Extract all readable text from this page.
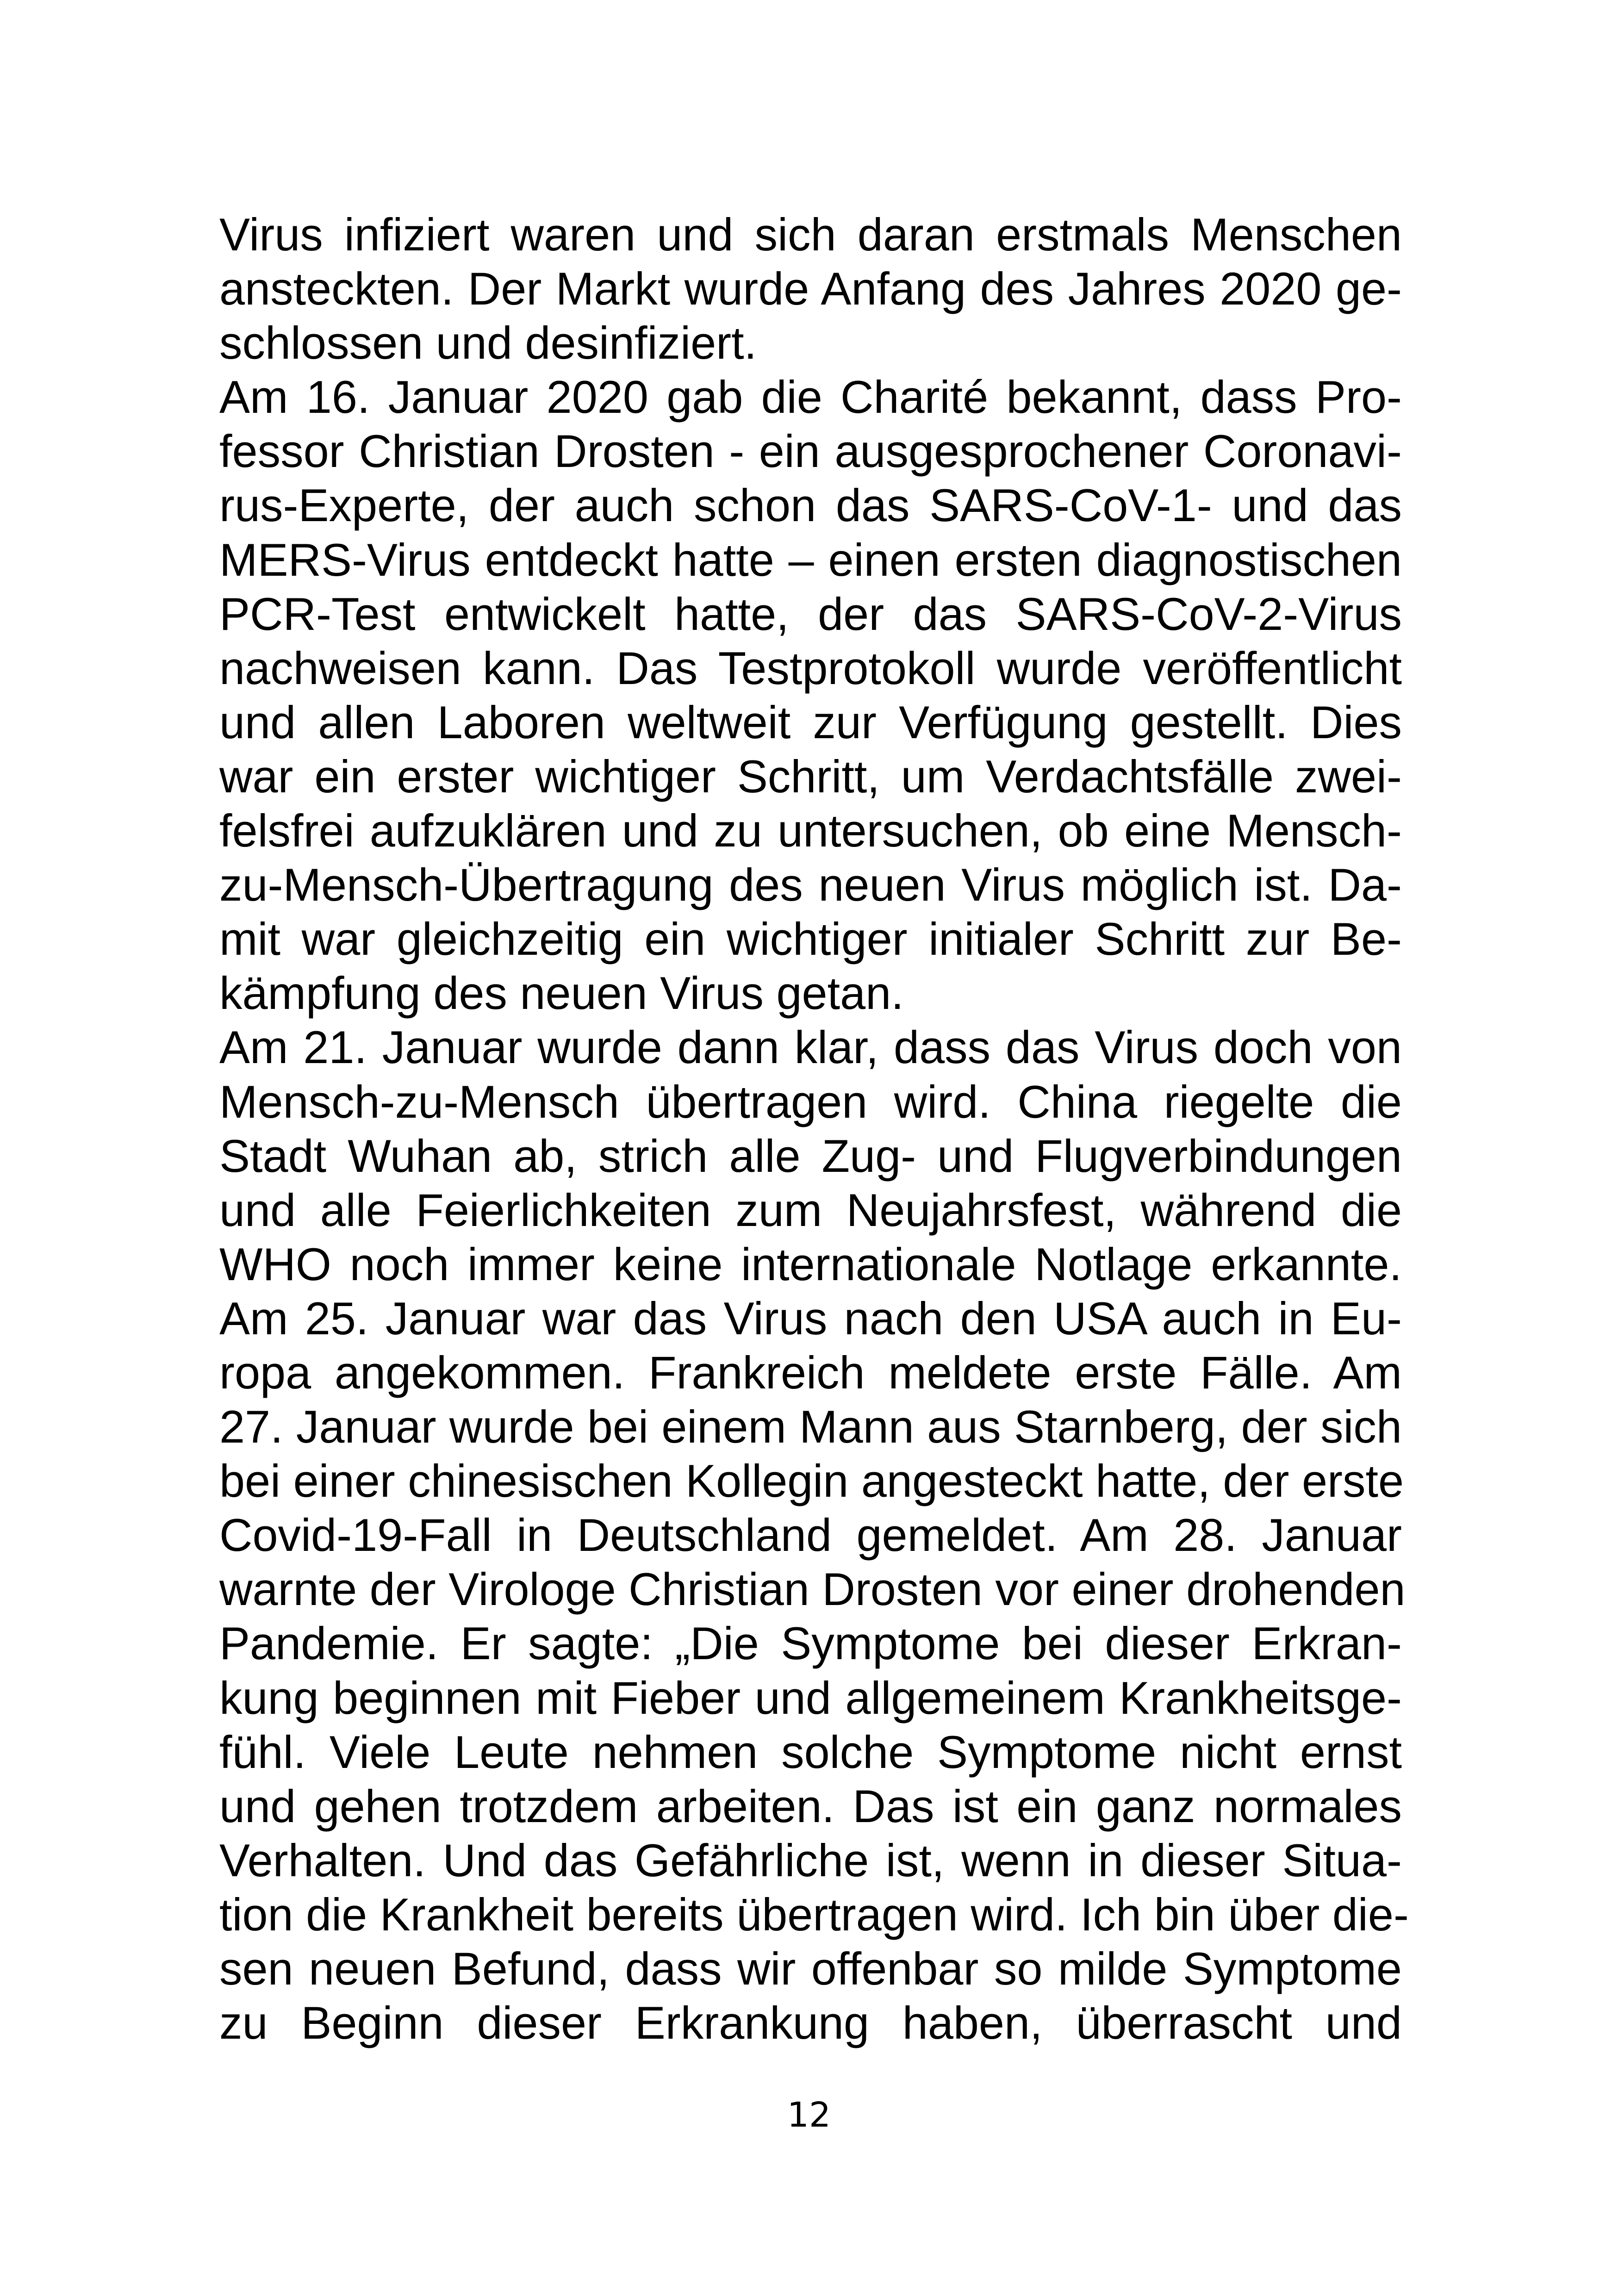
Virus infiziert waren und sich daran erstmals Menschen
ansteckten. Der Markt wurde Anfang des Jahres 2020 ge-
schlossen und desinfiziert.
Am 16. Januar 2020 gab die Charité bekannt, dass Pro-
fessor Christian Drosten - ein ausgesprochener Coronavi-
rus-Experte, der auch schon das SARS-CoV-1- und das
MERS-Virus entdeckt hatte – einen ersten diagnostischen
PCR-Test entwickelt hatte, der das SARS-CoV-2-Virus
nachweisen kann. Das Testprotokoll wurde veröffentlicht
und allen Laboren weltweit zur Verfügung gestellt. Dies
war ein erster wichtiger Schritt, um Verdachtsfälle zwei-
felsfrei aufzuklären und zu untersuchen, ob eine Mensch-
zu-Mensch-Übertragung des neuen Virus möglich ist. Da-
mit war gleichzeitig ein wichtiger initialer Schritt zur Be-
kämpfung des neuen Virus getan.
Am 21. Januar wurde dann klar, dass das Virus doch von
Mensch-zu-Mensch übertragen wird. China riegelte die
Stadt Wuhan ab, strich alle Zug- und Flugverbindungen
und alle Feierlichkeiten zum Neujahrsfest, während die
WHO noch immer keine internationale Notlage erkannte.
Am 25. Januar war das Virus nach den USA auch in Eu-
ropa angekommen. Frankreich meldete erste Fälle. Am
27. Januar wurde bei einem Mann aus Starnberg, der sich
bei einer chinesischen Kollegin angesteckt hatte, der erste
Covid-19-Fall in Deutschland gemeldet. Am 28. Januar
warnte der Virologe Christian Drosten vor einer drohenden
Pandemie. Er sagte: „Die Symptome bei dieser Erkran-
kung beginnen mit Fieber und allgemeinem Krankheitsge-
fühl. Viele Leute nehmen solche Symptome nicht ernst
und gehen trotzdem arbeiten. Das ist ein ganz normales
Verhalten. Und das Gefährliche ist, wenn in dieser Situa-
tion die Krankheit bereits übertragen wird. Ich bin über die-
sen neuen Befund, dass wir offenbar so milde Symptome
zu Beginn dieser Erkrankung haben, überrascht und
12
